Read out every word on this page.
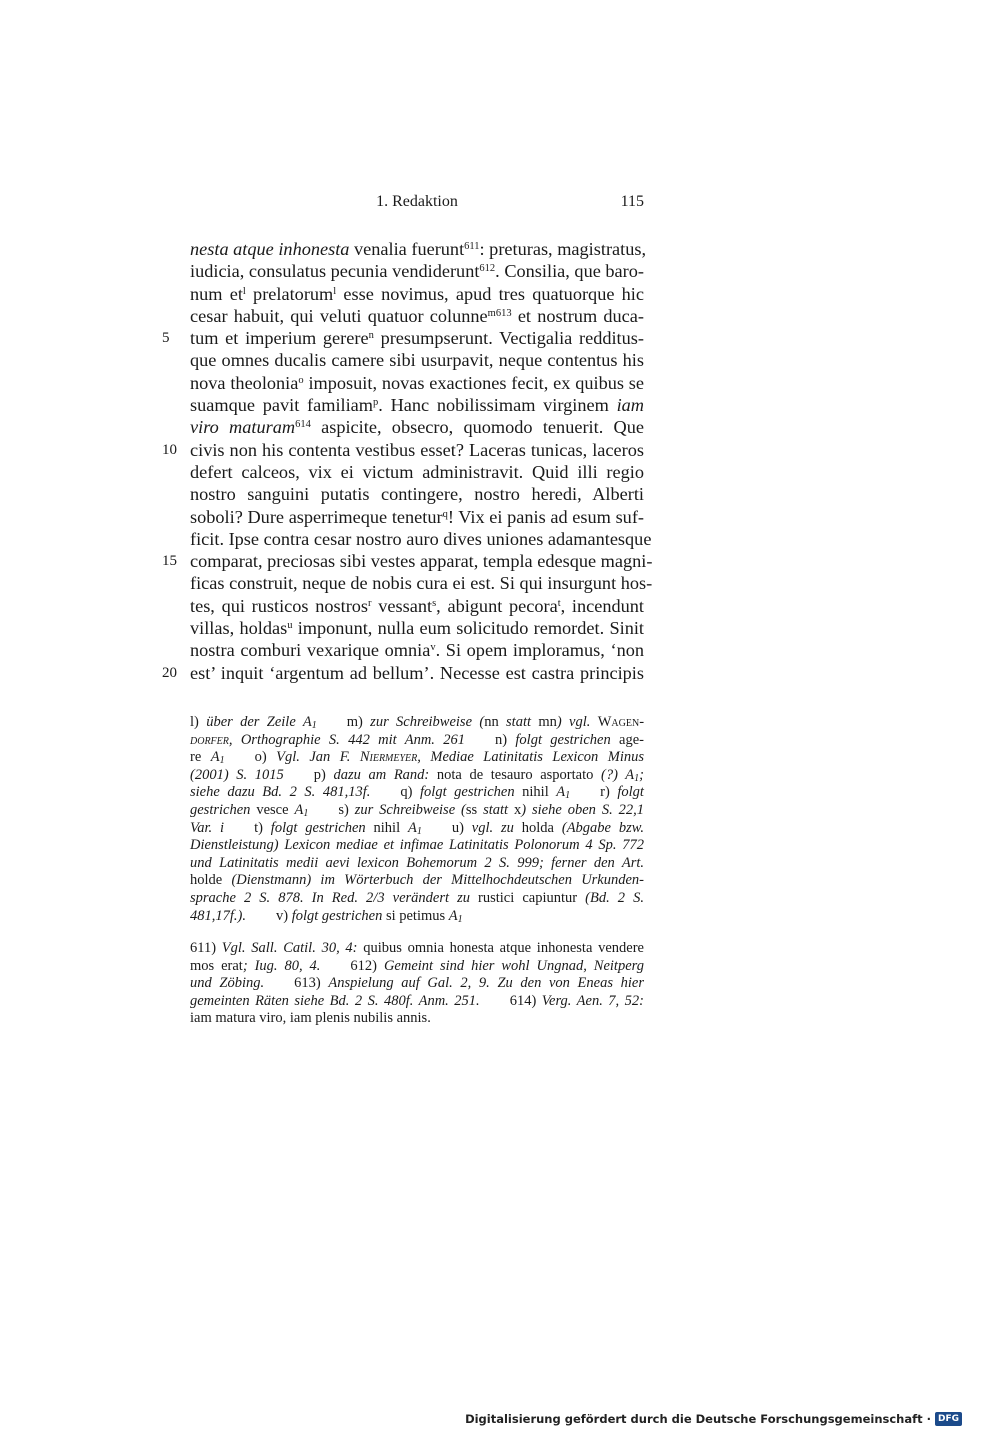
1. Redaktion	115
nesta atque inhonesta venalia fuerunt$^{611}$: preturas, magistratus,
iudicia, consulatus pecunia vendiderunt$^{612}$. Consilia, que baro-
num $et^l$ prelatorum$^l$ esse novimus, apud tres quatuorque hic
cesar habuit, qui veluti quatuor colunne$^{m613}$ et nostrum duca-
5	tum et imperium gerere$^n$ presumpserunt. Vectigalia redditus-
que omnes ducalis camere sibi usurpavit, neque contentus his
nova theolonia$^o$ imposuit, novas exactiones fecit, ex quibus se
suamque pavit familiam$^p$. Hanc nobilissimam virginem iam
viro maturam$^{614}$ aspicite, obsecro, quomodo tenuerit. Que
10 civis non his contenta vestibus esset? Laceras tunicas, laceros
defert calceos, vix ei victum administravit. Quid illi regio
nostro sanguini putatis contingere, nostro heredi, Alberti
soboli? Dure asperrimeque tenetur$^q$! Vix ei panis ad esum suf-
ficit. Ipse contra cesar nostro auro dives uniones adamantesque
15 comparat, preciosas sibi vestes apparat, templa edesque magni-
ficas construit, neque de nobis cura ei est. Si qui insurgunt hos-
tes, qui rusticos nostros$^r$ vessant$^s$, abigunt pecora$^t$, incendunt
villas, holdas$^u$ imponunt, nulla eum solicitudo remordet. Sinit
nostra comburi vexarique omnia$^v$. Si opem imploramus, ‘non
20 est’ inquit ‘argentum ad bellum’. Necesse est castra principis
l) über der Zeile $A_1$ m) zur Schreibweise (nn statt mn) vgl. Wagen-
dorfer, Orthographie S. 442 mit Anm. 261 n) folgt gestrichen age-
re $A_1$ o) Vgl. Jan F. Niermeyer, Mediae Latinitatis Lexicon Minus
(2001) S. 1015 p) dazu am Rand: nota de tesauro asportato (?) $A_1$;
siehe dazu Bd. 2 S. 481,13f. q) folgt gestrichen nihil $A_1$ r) folgt
gestrichen vesce $A_1$ s) zur Schreibweise (ss statt x) siehe oben S. 22,1
Var. i t) folgt gestrichen nihil $A_1$ u) vgl. zu holda (Abgabe bzw.
Dienstleistung) Lexicon mediae et infimae Latinitatis Polonorum 4 Sp. 772
und Latinitatis medii aevi lexicon Bohemorum 2 S. 999; ferner den Art.
holde (Dienstmann) im Wörterbuch der Mittelhochdeutschen Urkunden-
sprache 2 S. 878. In Red. 2/3 verändert zu rustici capiuntur (Bd. 2 S.
481,17f.). v) folgt gestrichen si petimus $A_1$
611) Vgl. Sall. Catil. 30, 4: quibus omnia honesta atque inhonesta vendere
mos erat; Iug. 80, 4. 612) Gemeint sind hier wohl Ungnad, Neitperg
und Zöbing. 613) Anspielung auf Gal. 2, 9. Zu den von Eneas hier
gemeinten Räten siehe Bd. 2 S. 480f. Anm. 251. 614) Verg. Aen. 7, 52:
iam matura viro, iam plenis nubilis annis.
Digitalisierung gefördert durch die Deutsche Forschungsgemeinschaft · DFG
